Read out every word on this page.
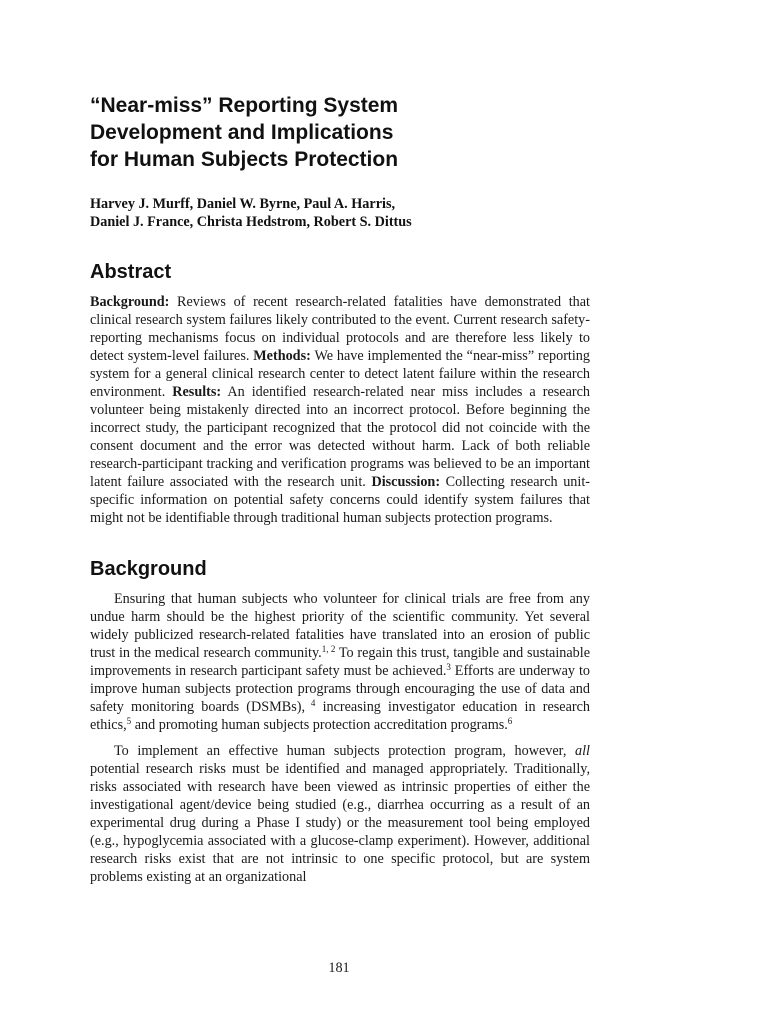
“Near-miss” Reporting System
Development and Implications
for Human Subjects Protection
Harvey J. Murff, Daniel W. Byrne, Paul A. Harris,
Daniel J. France, Christa Hedstrom, Robert S. Dittus
Abstract

Background: Reviews of recent research-related fatalities have demonstrated that clinical research system failures likely contributed to the event. Current research safety-reporting mechanisms focus on individual protocols and are therefore less likely to detect system-level failures. Methods: We have implemented the “near-miss” reporting system for a general clinical research center to detect latent failure within the research environment. Results: An identified research-related near miss includes a research volunteer being mistakenly directed into an incorrect protocol. Before beginning the incorrect study, the participant recognized that the protocol did not coincide with the consent document and the error was detected without harm. Lack of both reliable research-participant tracking and verification programs was believed to be an important latent failure associated with the research unit. Discussion: Collecting research unit-specific information on potential safety concerns could identify system failures that might not be identifiable through traditional human subjects protection programs.

Background

Ensuring that human subjects who volunteer for clinical trials are free from any undue harm should be the highest priority of the scientific community. Yet several widely publicized research-related fatalities have translated into an erosion of public trust in the medical research community.$^{1, 2}$ To regain this trust, tangible and sustainable improvements in research participant safety must be achieved.$^3$ Efforts are underway to improve human subjects protection programs through encouraging the use of data and safety monitoring boards (DSMBs), $^4$ increasing investigator education in research ethics,$^5$ and promoting human subjects protection accreditation programs.$^6$

To implement an effective human subjects protection program, however, all potential research risks must be identified and managed appropriately. Traditionally, risks associated with research have been viewed as intrinsic properties of either the investigational agent/device being studied (e.g., diarrhea occurring as a result of an experimental drug during a Phase I study) or the measurement tool being employed (e.g., hypoglycemia associated with a glucose-clamp experiment). However, additional research risks exist that are not intrinsic to one specific protocol, but are system problems existing at an organizational

181
